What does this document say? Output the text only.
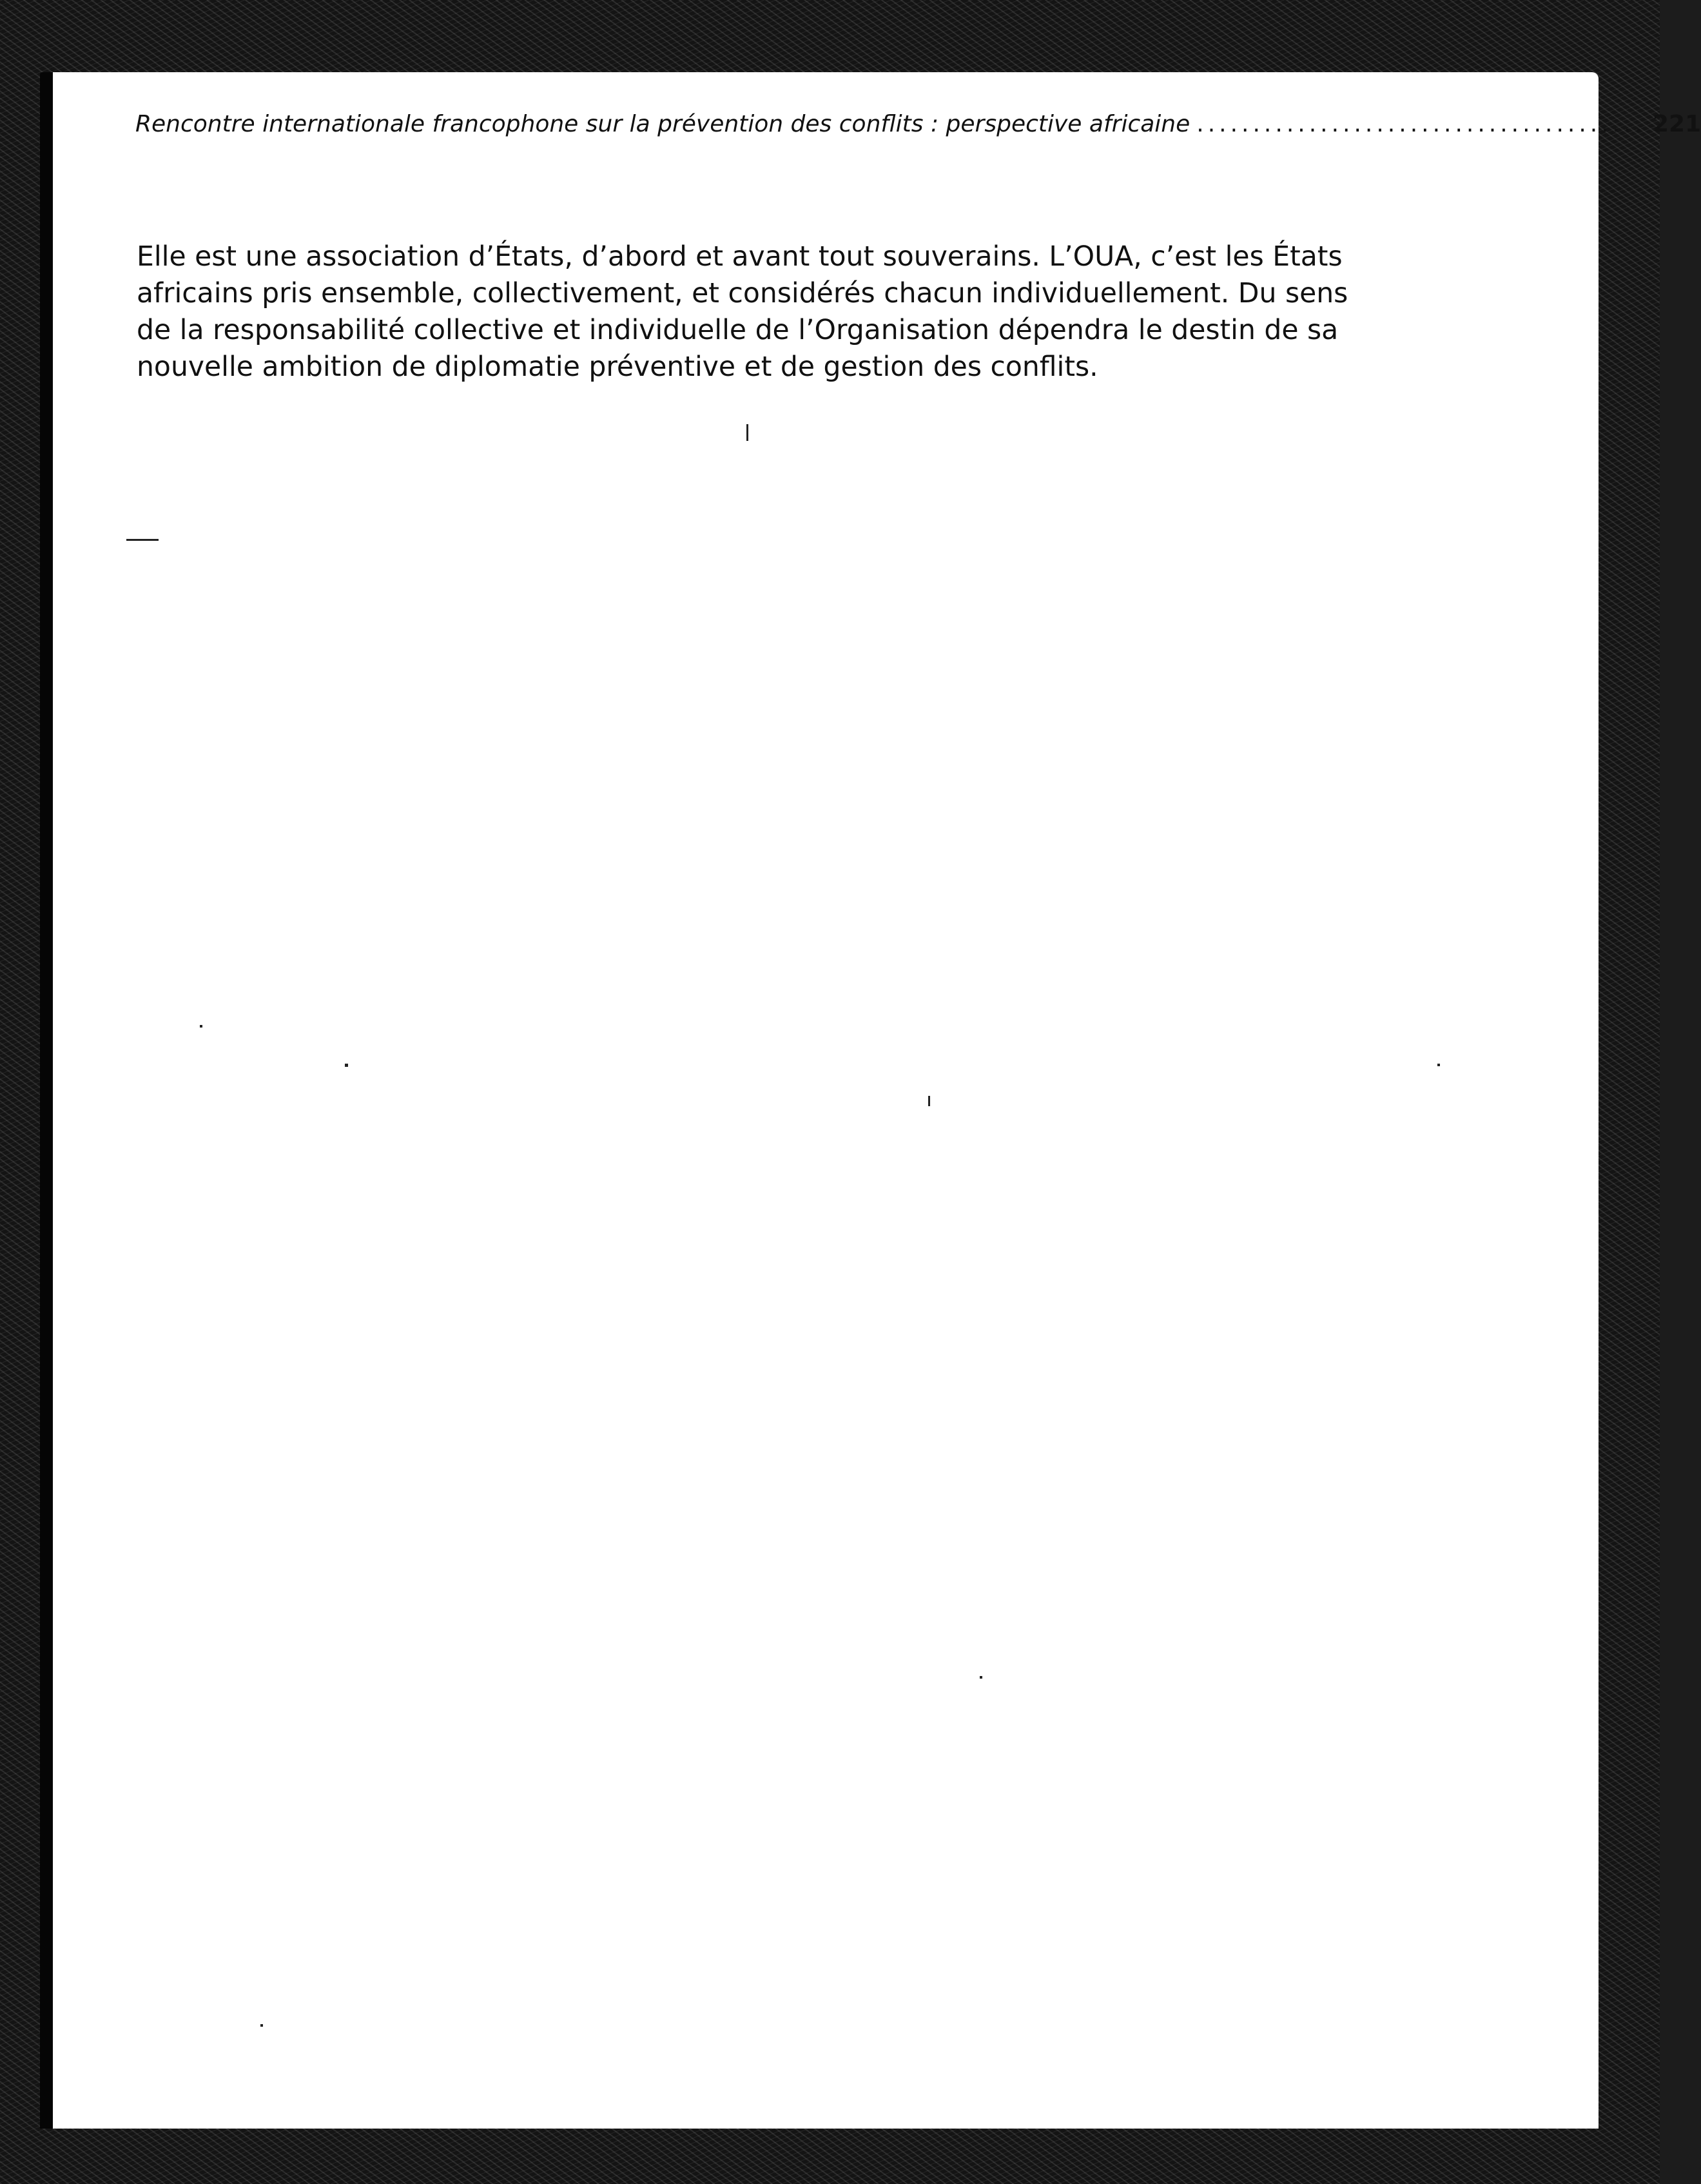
Rencontre internationale francophone sur la prévention des conflits : perspective africaine ........................................ 221

Elle est une association d’États, d’abord et avant tout souverains. L’OUA, c’est les États
africains pris ensemble, collectivement, et considérés chacun individuellement. Du sens
de la responsabilité collective et individuelle de l’Organisation dépendra le destin de sa
nouvelle ambition de diplomatie préventive et de gestion des conflits.
